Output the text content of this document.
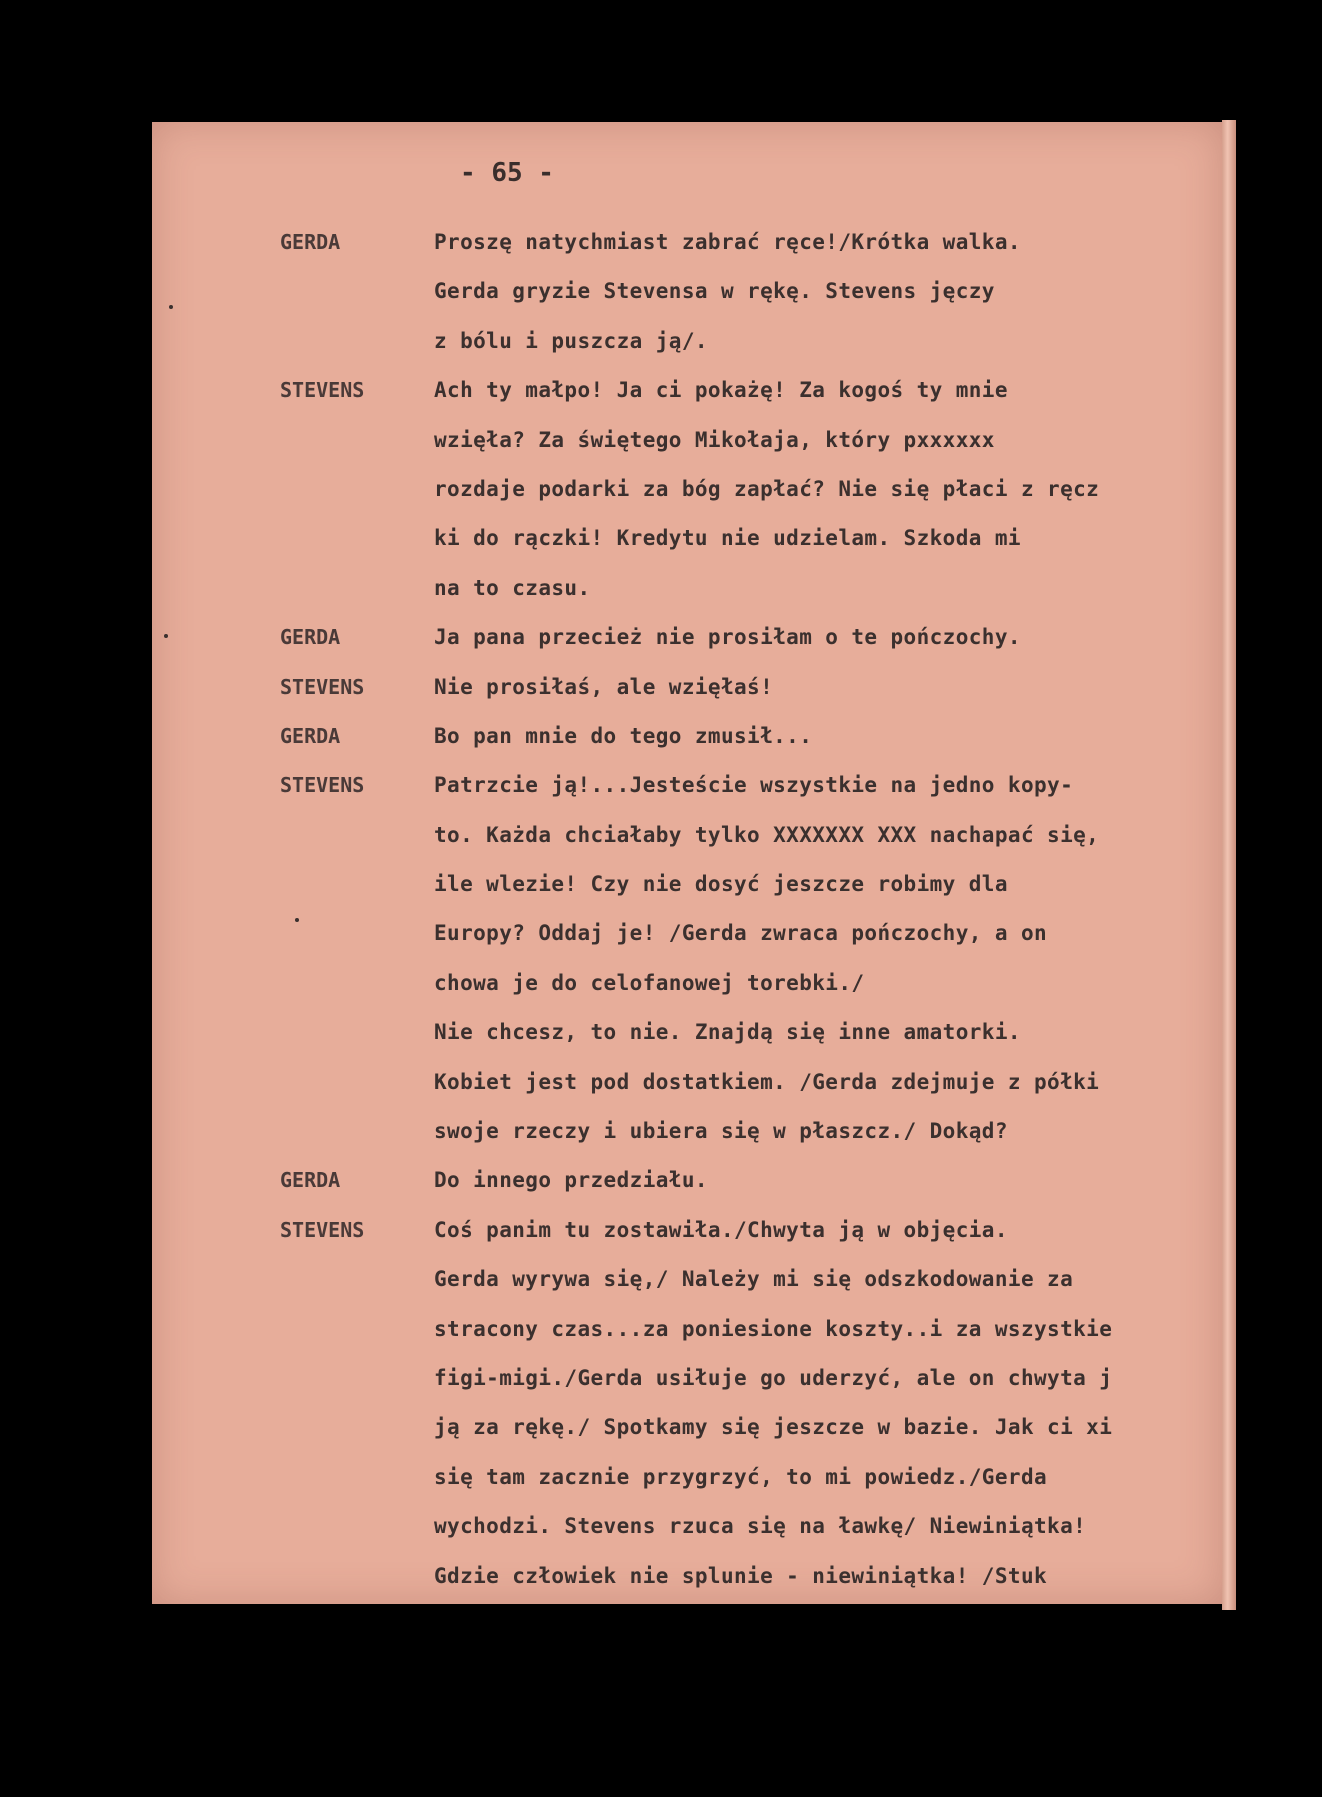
- 65 -
GERDA	Proszę natychmiast zabrać ręce!/Krótka walka.
Gerda gryzie Stevensa w rękę. Stevens jęczy
z bólu i puszcza ją/.
STEVENS	Ach ty małpo! Ja ci pokażę! Za kogoś ty mnie
wzięła? Za świętego Mikołaja, który pxxxxxx
rozdaje podarki za bóg zapłać? Nie się płaci z ręcz
ki do rączki! Kredytu nie udzielam. Szkoda mi
na to czasu.
GERDA	Ja pana przecież nie prosiłam o te pończochy.
STEVENS	Nie prosiłaś, ale wzięłaś!
GERDA	Bo pan mnie do tego zmusił...
STEVENS	Patrzcie ją!...Jesteście wszystkie na jedno kopy-
to. Każda chciałaby tylko XXXXXXX XXX nachapać się,
ile wlezie! Czy nie dosyć jeszcze robimy dla
Europy? Oddaj je! /Gerda zwraca pończochy, a on
chowa je do celofanowej torebki./
Nie chcesz, to nie. Znajdą się inne amatorki.
Kobiet jest pod dostatkiem. /Gerda zdejmuje z półki
swoje rzeczy i ubiera się w płaszcz./ Dokąd?
GERDA	Do innego przedziału.
STEVENS	Coś panim tu zostawiła./Chwyta ją w objęcia.
Gerda wyrywa się,/ Należy mi się odszkodowanie za
stracony czas...za poniesione koszty..i za wszystkie
figi-migi./Gerda usiłuje go uderzyć, ale on chwyta j
ją za rękę./ Spotkamy się jeszcze w bazie. Jak ci xi
się tam zacznie przygrzyć, to mi powiedz./Gerda
wychodzi. Stevens rzuca się na ławkę/ Niewiniątka!
Gdzie człowiek nie splunie - niewiniątka! /Stuk
